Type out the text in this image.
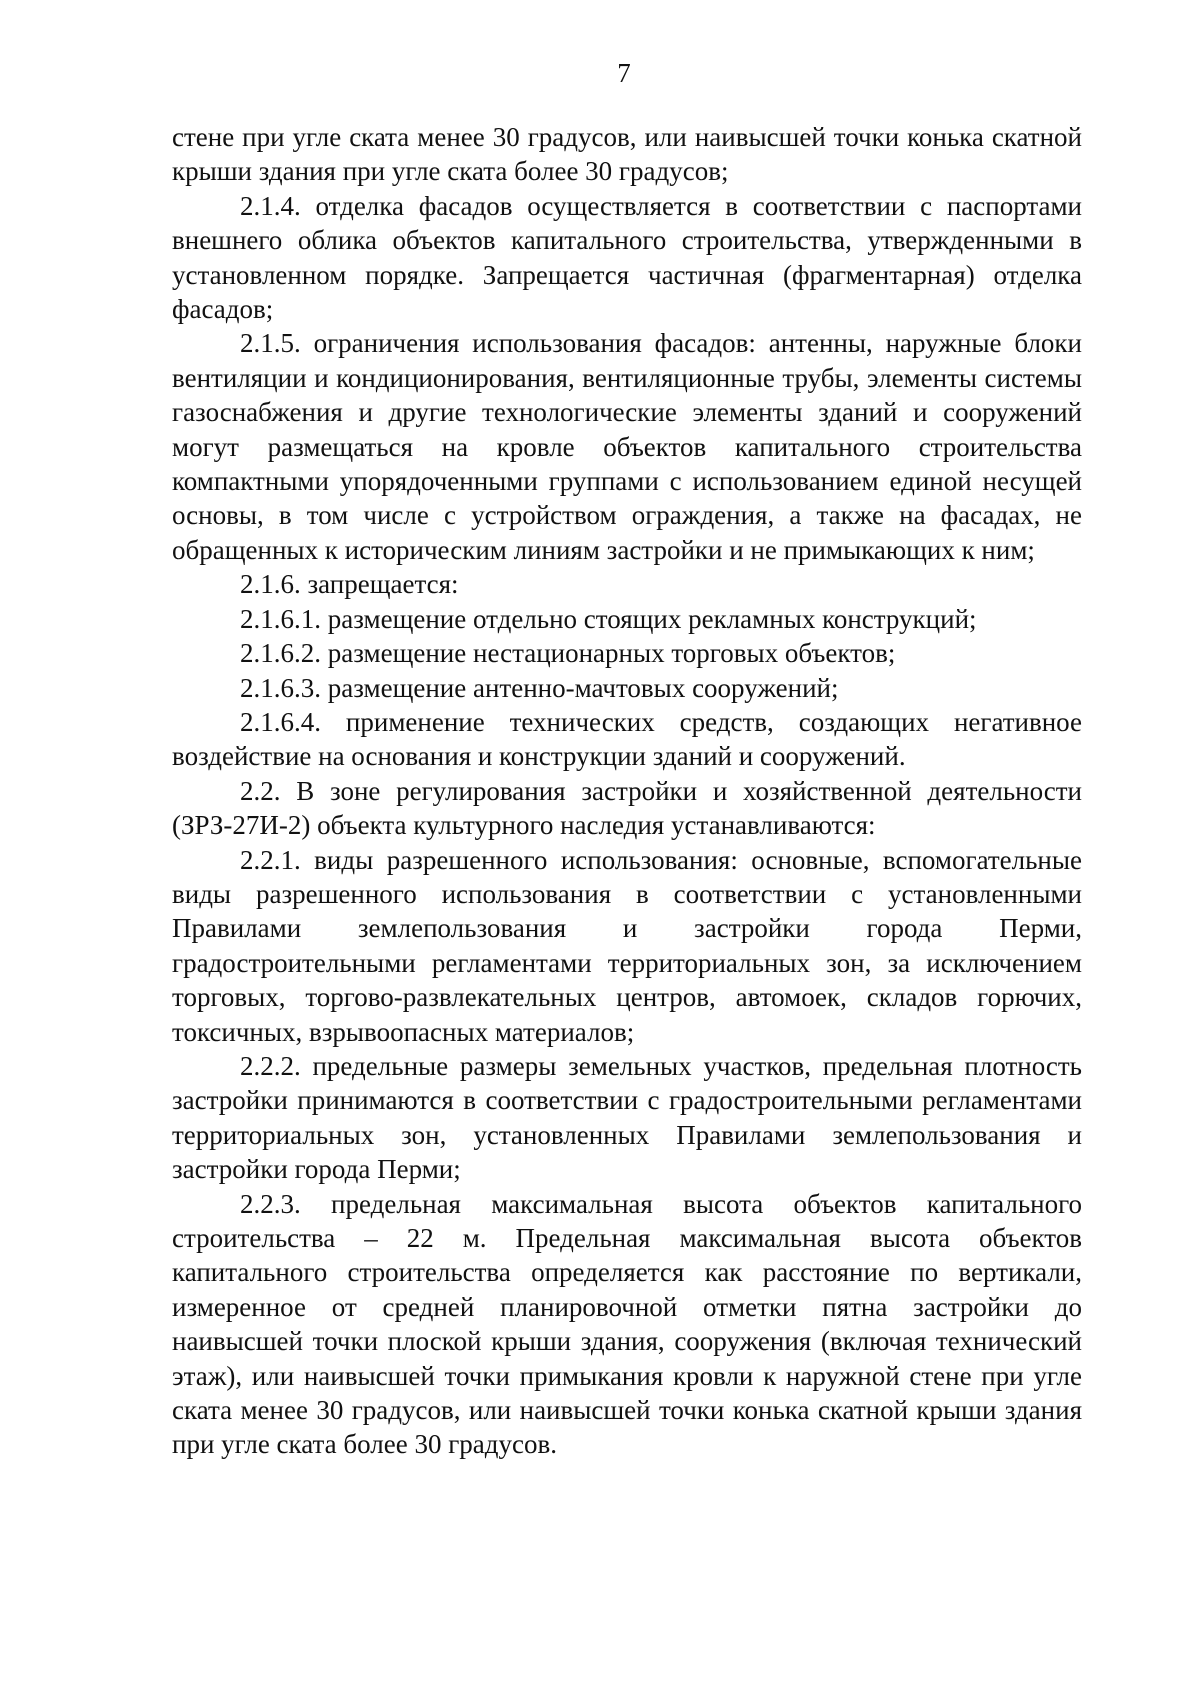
7

стене при угле ската менее 30 градусов, или наивысшей точки конька скатной крыши здания при угле ската более 30 градусов;

2.1.4. отделка фасадов осуществляется в соответствии с паспортами внешнего облика объектов капитального строительства, утвержденными в установленном порядке. Запрещается частичная (фрагментарная) отделка фасадов;

2.1.5. ограничения использования фасадов: антенны, наружные блоки вентиляции и кондиционирования, вентиляционные трубы, элементы системы газоснабжения и другие технологические элементы зданий и сооружений могут размещаться на кровле объектов капитального строительства компактными упорядоченными группами с использованием единой несущей основы, в том числе с устройством ограждения, а также на фасадах, не обращенных к историческим линиям застройки и не примыкающих к ним;

2.1.6. запрещается:

2.1.6.1. размещение отдельно стоящих рекламных конструкций;

2.1.6.2. размещение нестационарных торговых объектов;

2.1.6.3. размещение антенно-мачтовых сооружений;

2.1.6.4. применение технических средств, создающих негативное воздействие на основания и конструкции зданий и сооружений.

2.2. В зоне регулирования застройки и хозяйственной деятельности (ЗРЗ-27И-2) объекта культурного наследия устанавливаются:

2.2.1. виды разрешенного использования: основные, вспомогательные виды разрешенного использования в соответствии с установленными Правилами землепользования и застройки города Перми, градостроительными регламентами территориальных зон, за исключением торговых, торгово-развлекательных центров, автомоек, складов горючих, токсичных, взрывоопасных материалов;

2.2.2. предельные размеры земельных участков, предельная плотность застройки принимаются в соответствии с градостроительными регламентами территориальных зон, установленных Правилами землепользования и застройки города Перми;

2.2.3. предельная максимальная высота объектов капитального строительства – 22 м. Предельная максимальная высота объектов капитального строительства определяется как расстояние по вертикали, измеренное от средней планировочной отметки пятна застройки до наивысшей точки плоской крыши здания, сооружения (включая технический этаж), или наивысшей точки примыкания кровли к наружной стене при угле ската менее 30 градусов, или наивысшей точки конька скатной крыши здания при угле ската более 30 градусов.
